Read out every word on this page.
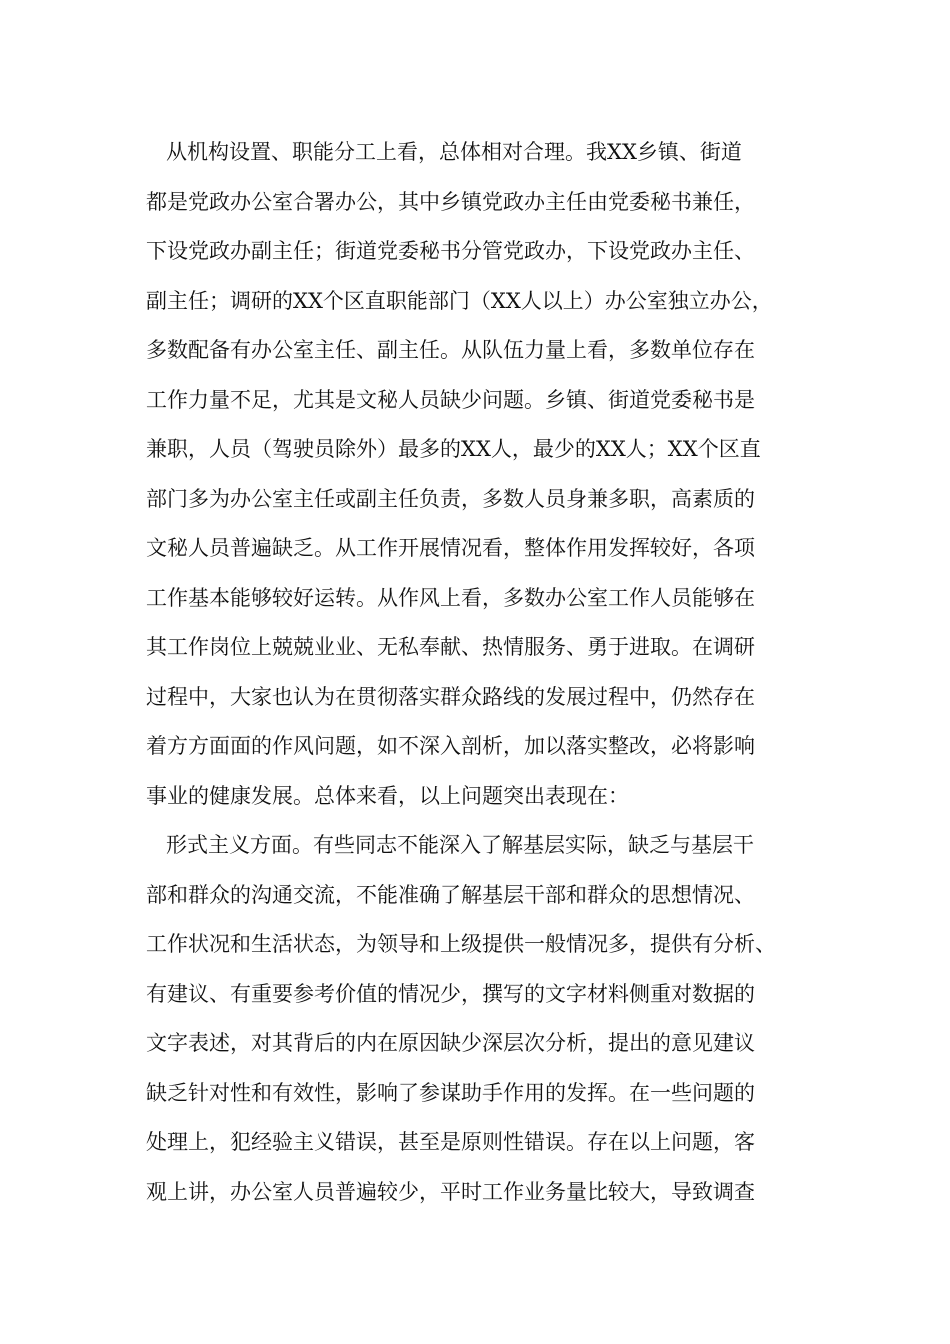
从机构设置、职能分工上看，总体相对合理。我XX乡镇、街道
都是党政办公室合署办公，其中乡镇党政办主任由党委秘书兼任，
下设党政办副主任；街道党委秘书分管党政办，下设党政办主任、
副主任；调研的XX个区直职能部门（XX人以上）办公室独立办公，
多数配备有办公室主任、副主任。从队伍力量上看，多数单位存在
工作力量不足，尤其是文秘人员缺少问题。乡镇、街道党委秘书是
兼职，人员（驾驶员除外）最多的XX人，最少的XX人；XX个区直
部门多为办公室主任或副主任负责，多数人员身兼多职，高素质的
文秘人员普遍缺乏。从工作开展情况看，整体作用发挥较好，各项
工作基本能够较好运转。从作风上看，多数办公室工作人员能够在
其工作岗位上兢兢业业、无私奉献、热情服务、勇于进取。在调研
过程中，大家也认为在贯彻落实群众路线的发展过程中，仍然存在
着方方面面的作风问题，如不深入剖析，加以落实整改，必将影响
事业的健康发展。总体来看，以上问题突出表现在：
形式主义方面。有些同志不能深入了解基层实际，缺乏与基层干
部和群众的沟通交流，不能准确了解基层干部和群众的思想情况、
工作状况和生活状态，为领导和上级提供一般情况多，提供有分析、
有建议、有重要参考价值的情况少，撰写的文字材料侧重对数据的
文字表述，对其背后的内在原因缺少深层次分析，提出的意见建议
缺乏针对性和有效性，影响了参谋助手作用的发挥。在一些问题的
处理上，犯经验主义错误，甚至是原则性错误。存在以上问题，客
观上讲，办公室人员普遍较少，平时工作业务量比较大，导致调查
